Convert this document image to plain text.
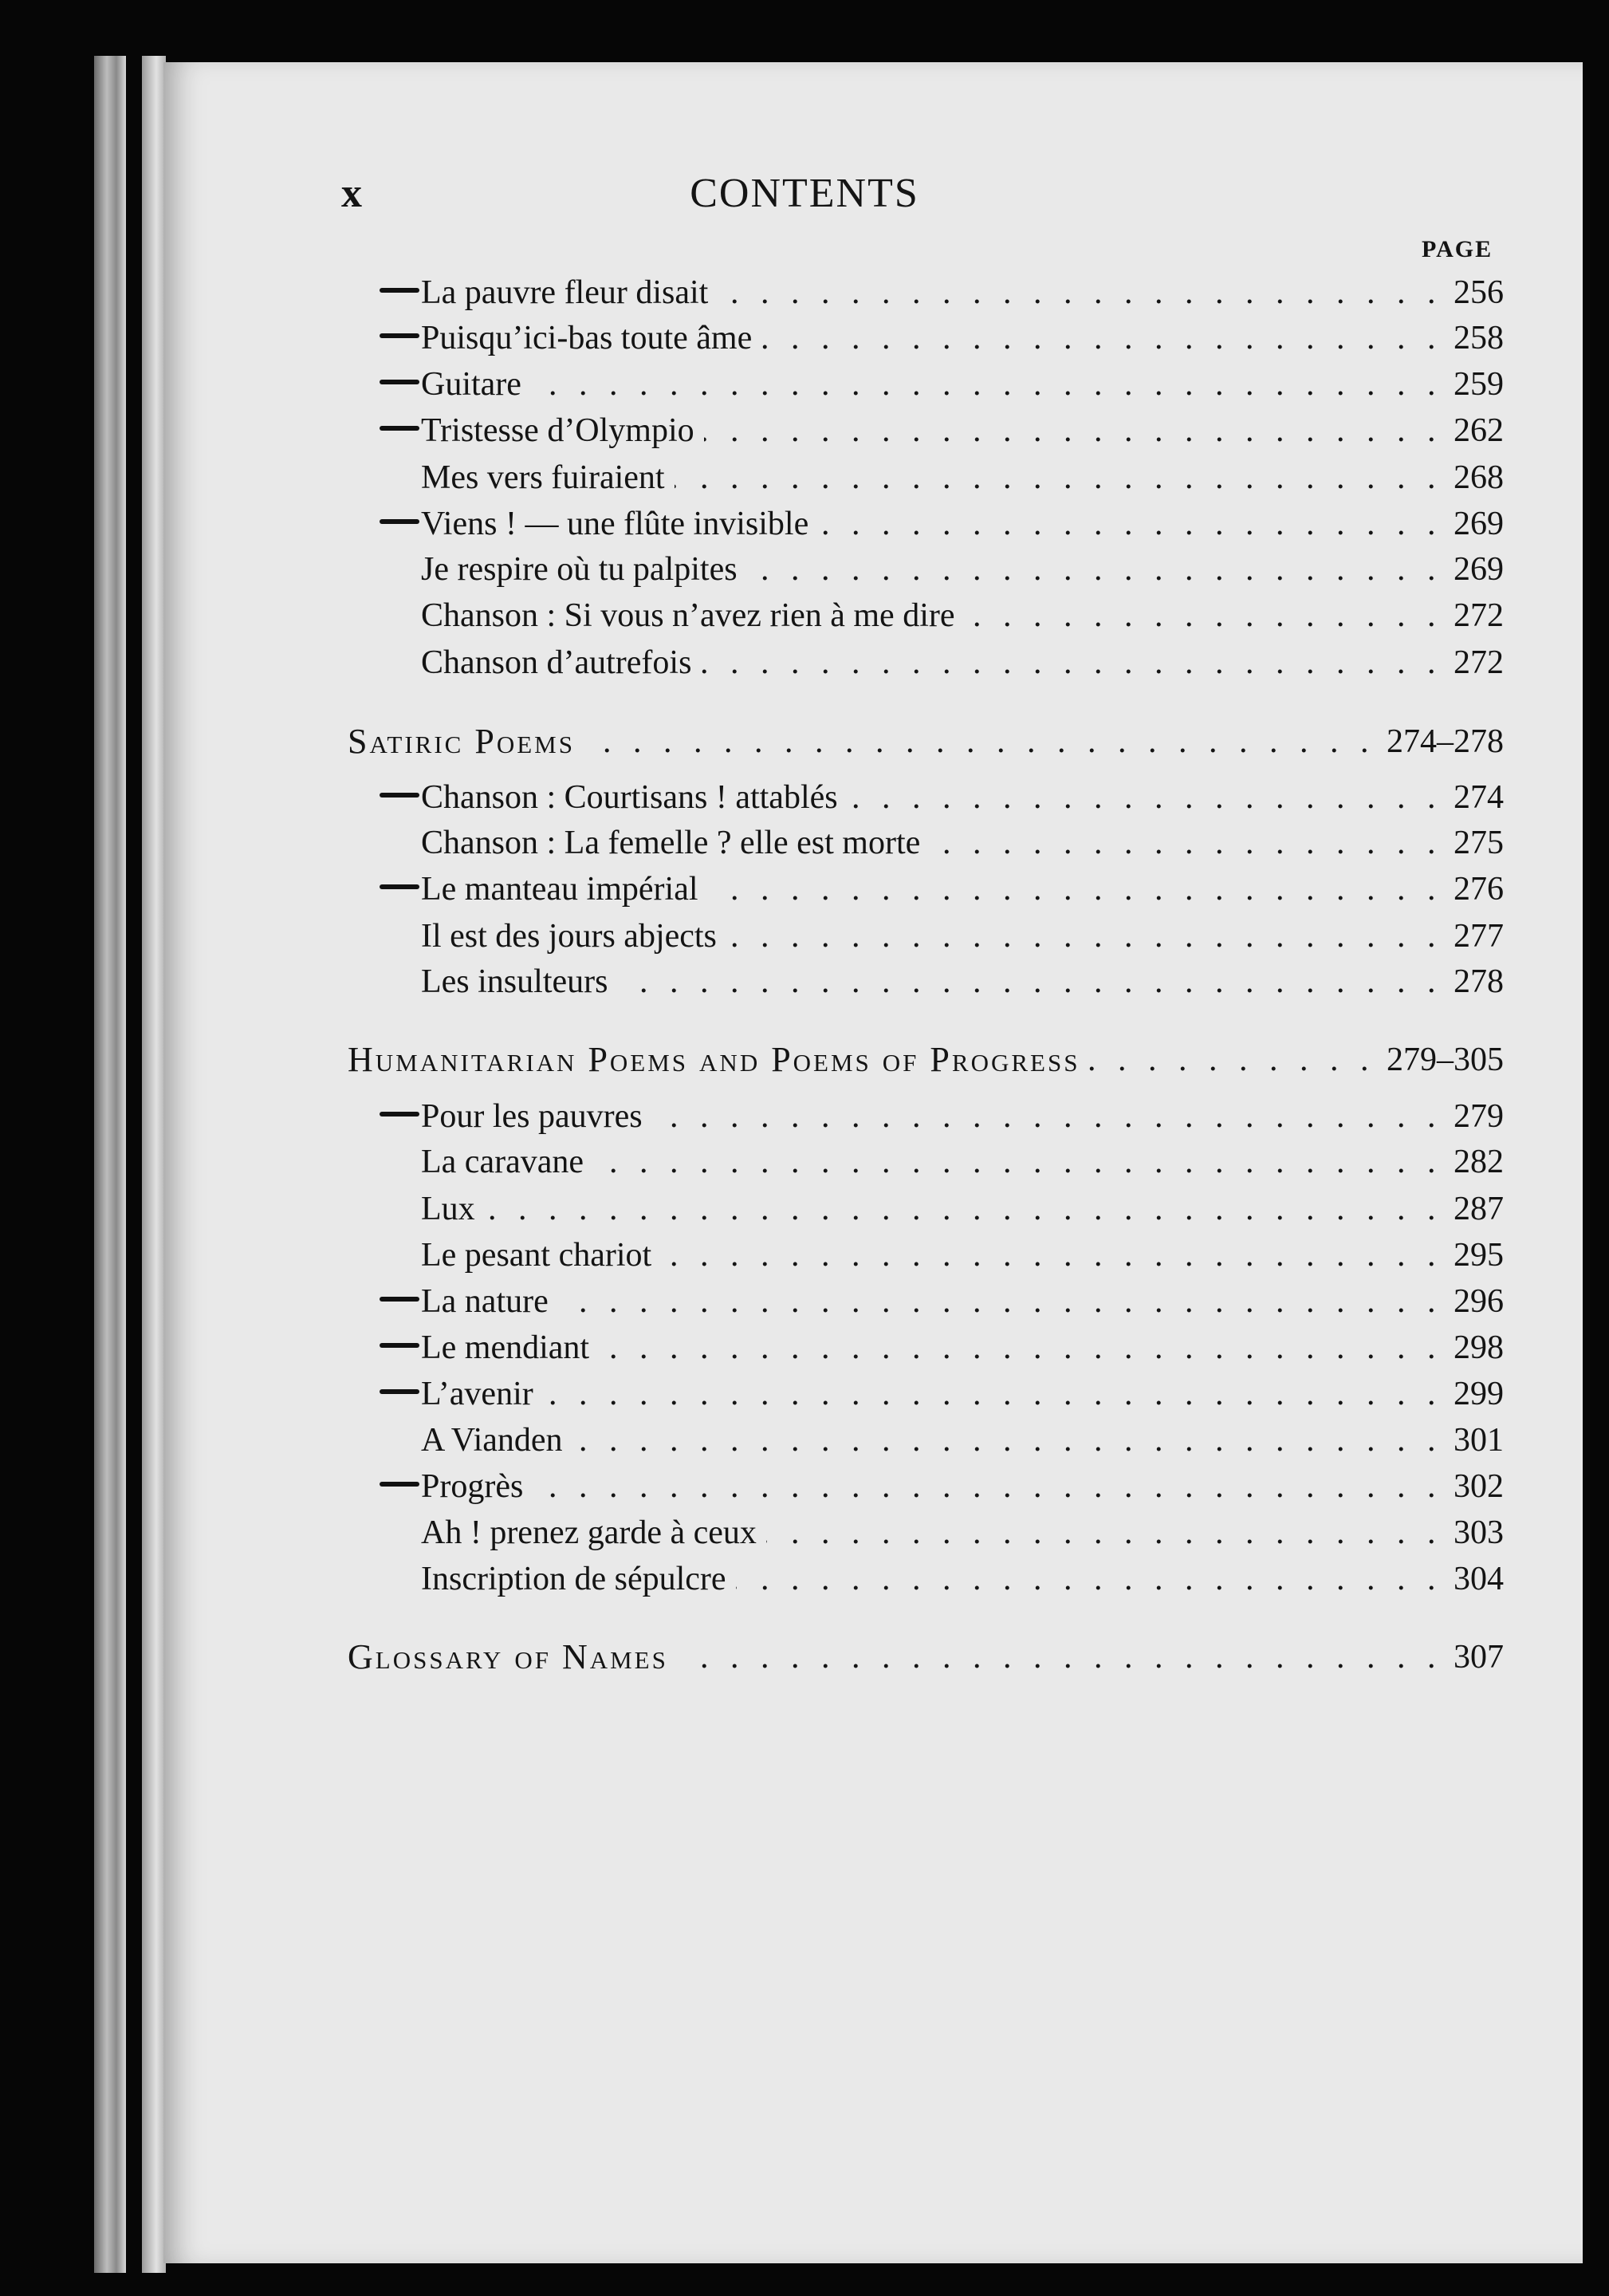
x	CONTENTS
PAGE
La pauvre fleur disait . . .	256
Puisqu’ici-bas toute âme . . .	258
Guitare . . .	259
Tristesse d’Olympio . . .	262
Mes vers fuiraient . . .	268
Viens ! — une flûte invisible . . .	269
Je respire où tu palpites . . .	269
Chanson : Si vous n’avez rien à me dire . . .	272
Chanson d’autrefois . . .	272
Satiric Poems . . .	274–278
Chanson : Courtisans ! attablés . . .	274
Chanson : La femelle ? elle est morte . . .	275
Le manteau impérial . . .	276
Il est des jours abjects . . .	277
Les insulteurs . . .	278
Humanitarian Poems and Poems of Progress . . .	279–305
Pour les pauvres . . .	279
La caravane . . .	282
Lux . . .	287
Le pesant chariot . . .	295
La nature . . .	296
Le mendiant . . .	298
L’avenir . . .	299
A Vianden . . .	301
Progrès . . .	302
Ah ! prenez garde à ceux . . .	303
Inscription de sépulcre . . .	304
Glossary of Names . . .	307
